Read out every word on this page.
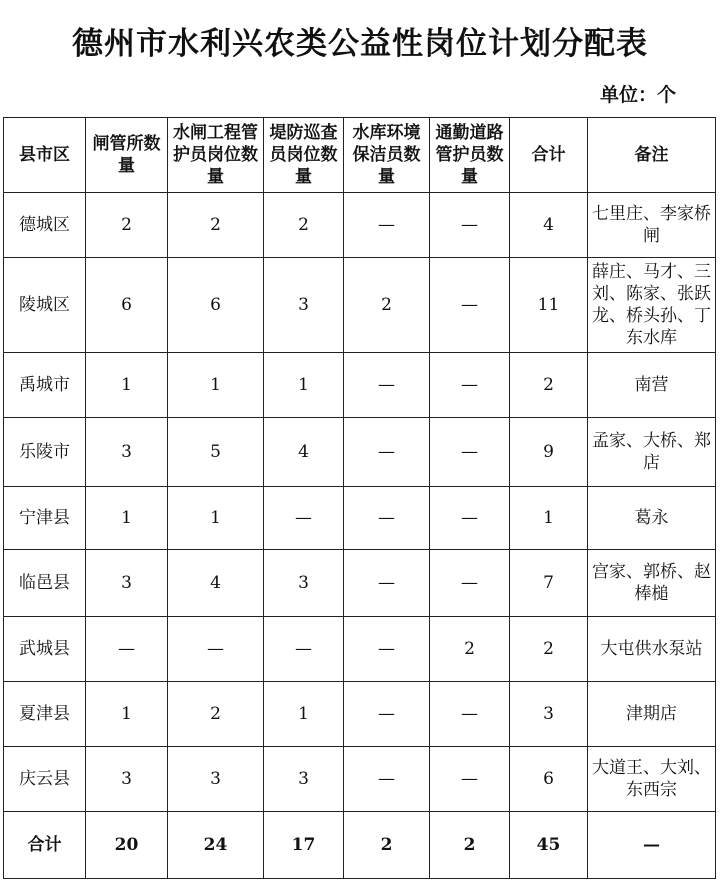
德州市水利兴农类公益性岗位计划分配表
单位：个
县市区	闸管所数量	水闸工程管护员岗位数量	堤防巡查员岗位数量	水库环境保洁员数量	通勤道路管护员数量	合计	备注
德城区	2	2	2	—	—	4	七里庄、李家桥闸
陵城区	6	6	3	2	—	11	薛庄、马才、三刘、陈家、张跃龙、桥头孙、丁东水库
禹城市	1	1	1	—	—	2	南营
乐陵市	3	5	4	—	—	9	孟家、大桥、郑店
宁津县	1	1	—	—	—	1	葛永
临邑县	3	4	3	—	—	7	宫家、郭桥、赵棒槌
武城县	—	—	—	—	2	2	大屯供水泵站
夏津县	1	2	1	—	—	3	津期店
庆云县	3	3	3	—	—	6	大道王、大刘、东西宗
合计	20	24	17	2	2	45	—
